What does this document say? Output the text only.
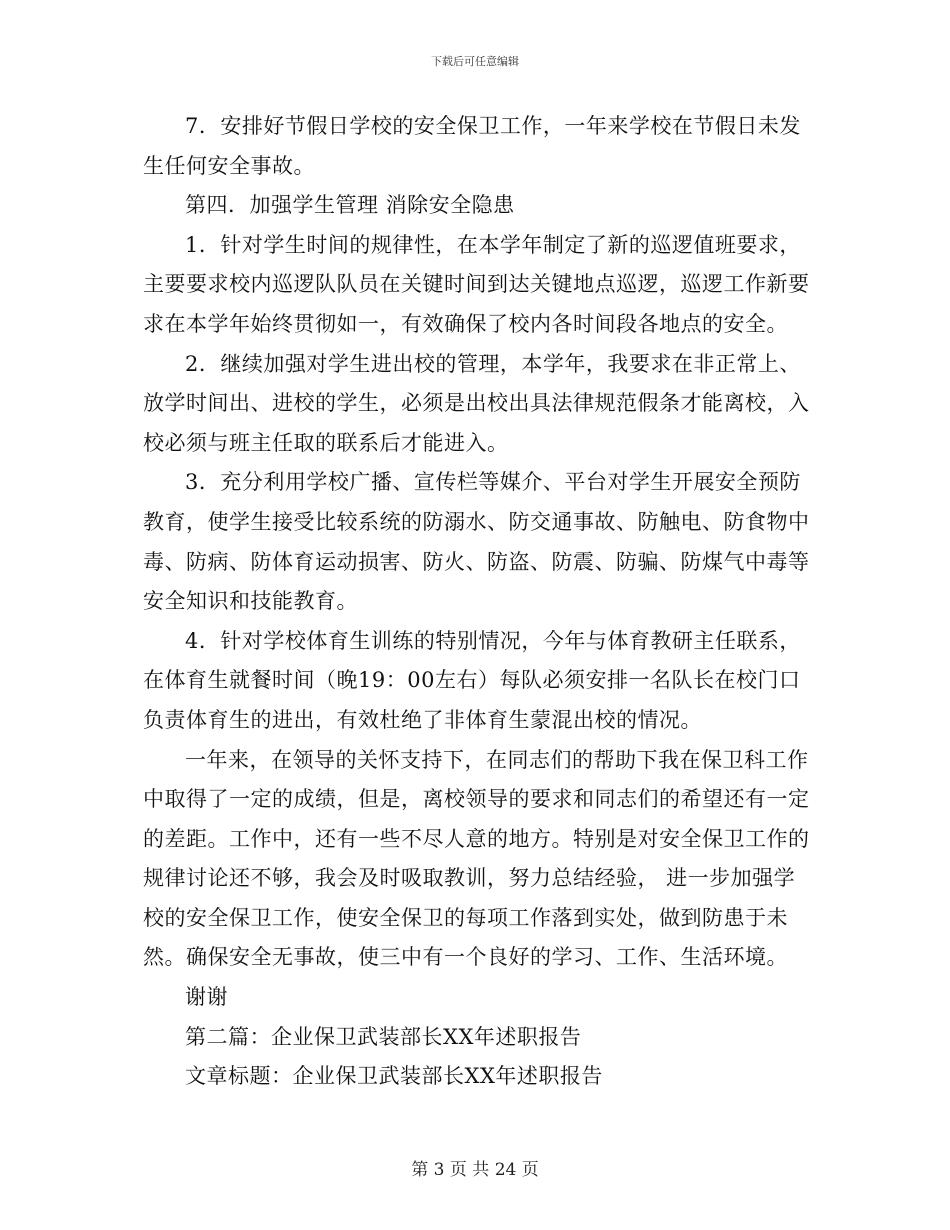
下载后可任意编辑

7．安排好节假日学校的安全保卫工作，一年来学校在节假日未发生任何安全事故。

第四．加强学生管理 消除安全隐患

1．针对学生时间的规律性，在本学年制定了新的巡逻值班要求，主要要求校内巡逻队队员在关键时间到达关键地点巡逻，巡逻工作新要求在本学年始终贯彻如一，有效确保了校内各时间段各地点的安全。

2．继续加强对学生进出校的管理，本学年，我要求在非正常上、放学时间出、进校的学生，必须是出校出具法律规范假条才能离校，入校必须与班主任取的联系后才能进入。

3．充分利用学校广播、宣传栏等媒介、平台对学生开展安全预防教育，使学生接受比较系统的防溺水、防交通事故、防触电、防食物中毒、防病、防体育运动损害、防火、防盗、防震、防骗、防煤气中毒等安全知识和技能教育。

4．针对学校体育生训练的特别情况，今年与体育教研主任联系，在体育生就餐时间（晚19：00左右）每队必须安排一名队长在校门口负责体育生的进出，有效杜绝了非体育生蒙混出校的情况。

一年来，在领导的关怀支持下，在同志们的帮助下我在保卫科工作中取得了一定的成绩，但是，离校领导的要求和同志们的希望还有一定的差距。工作中，还有一些不尽人意的地方。特别是对安全保卫工作的规律讨论还不够，我会及时吸取教训，努力总结经验， 进一步加强学校的安全保卫工作，使安全保卫的每项工作落到实处，做到防患于未然。确保安全无事故，使三中有一个良好的学习、工作、生活环境。

谢谢

第二篇：企业保卫武装部长XX年述职报告

文章标题：企业保卫武装部长XX年述职报告

第 3 页 共 24 页
